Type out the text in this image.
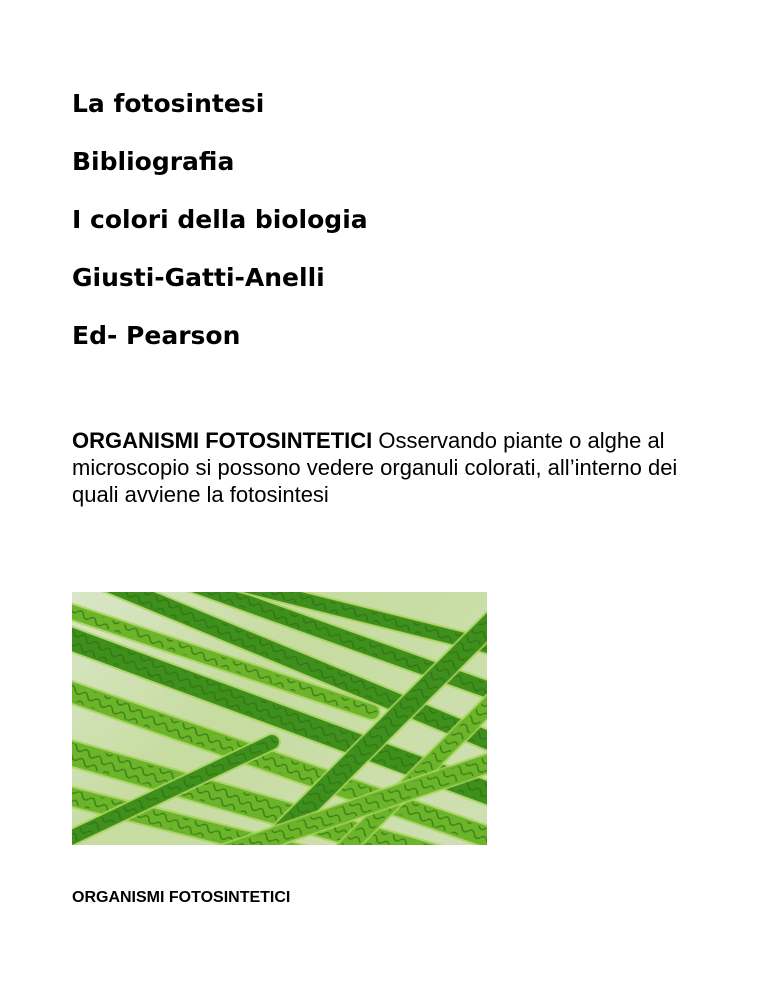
La fotosintesi
Bibliografia
I colori della biologia
Giusti-Gatti-Anelli
Ed- Pearson

ORGANISMI FOTOSINTETICI Osservando piante o alghe al microscopio si possono vedere organuli colorati, all’interno dei quali avviene la fotosintesi

ORGANISMI FOTOSINTETICI
